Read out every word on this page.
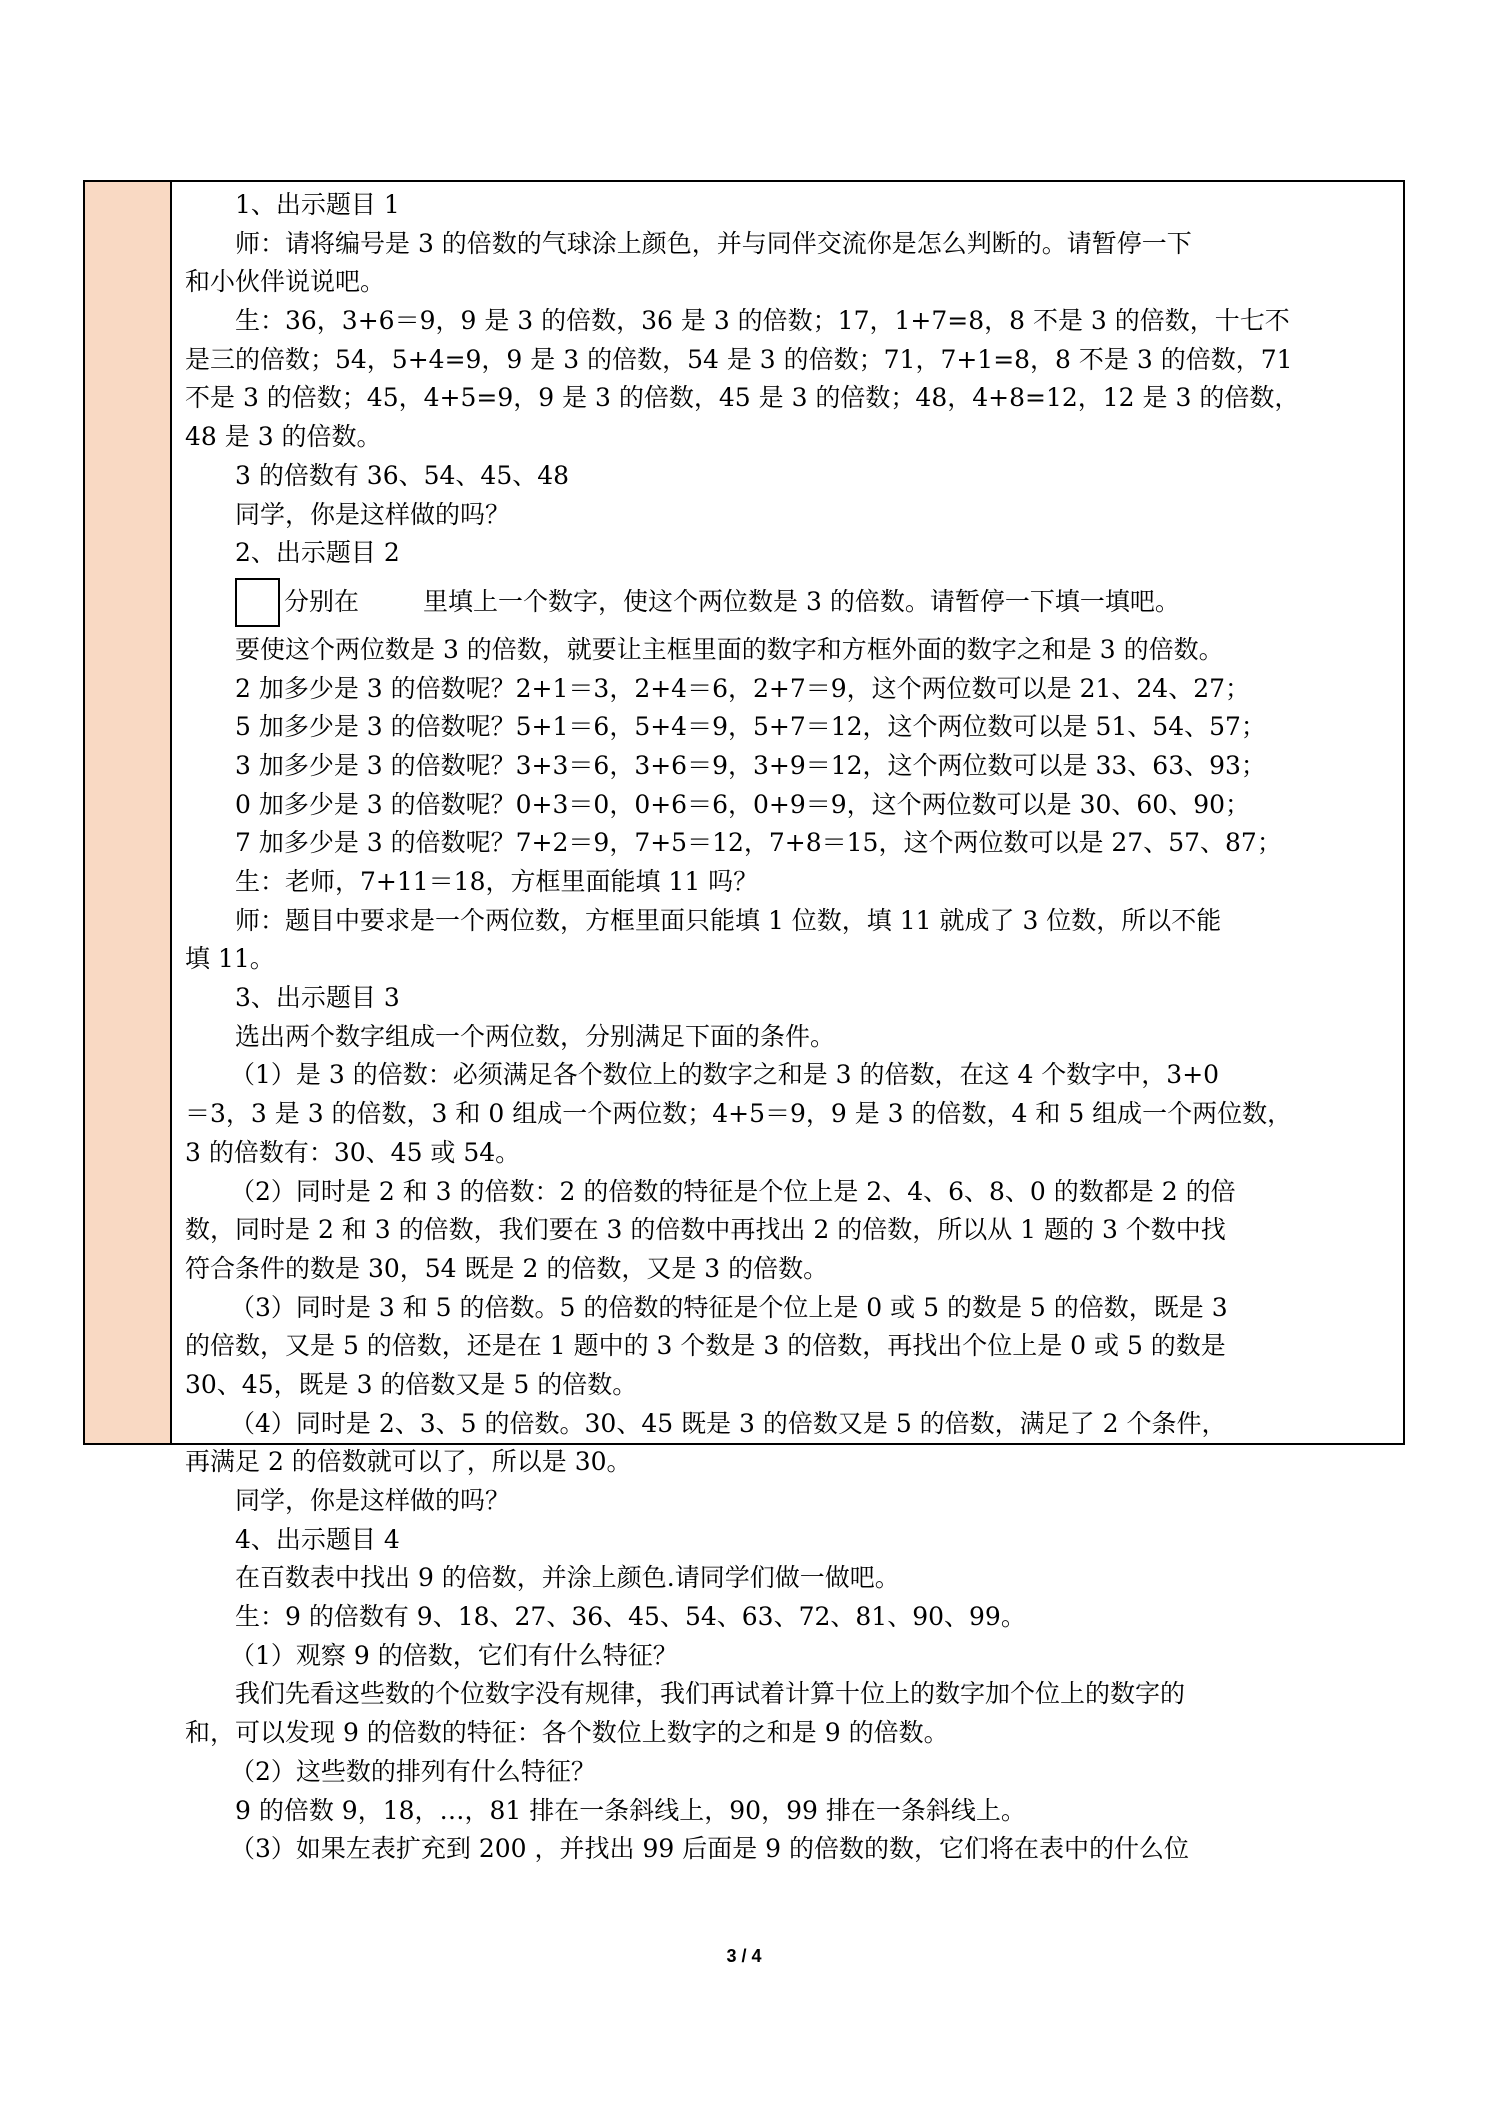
1、出示题目 1
师：请将编号是 3 的倍数的气球涂上颜色，并与同伴交流你是怎么判断的。请暂停一下
和小伙伴说说吧。
生：36，3+6＝9，9 是 3 的倍数，36 是 3 的倍数；17，1+7=8，8 不是 3 的倍数，十七不
是三的倍数；54，5+4=9，9 是 3 的倍数，54 是 3 的倍数；71，7+1=8，8 不是 3 的倍数，71
不是 3 的倍数；45，4+5=9，9 是 3 的倍数，45 是 3 的倍数；48，4+8=12，12 是 3 的倍数，
48 是 3 的倍数。
3 的倍数有 36、54、45、48
同学，你是这样做的吗？
2、出示题目 2
分别在	里填上一个数字，使这个两位数是 3 的倍数。请暂停一下填一填吧。
要使这个两位数是 3 的倍数，就要让主框里面的数字和方框外面的数字之和是 3 的倍数。
2 加多少是 3 的倍数呢？2+1＝3，2+4＝6，2+7＝9，这个两位数可以是 21、24、27；
5 加多少是 3 的倍数呢？5+1＝6，5+4＝9，5+7＝12，这个两位数可以是 51、54、57；
3 加多少是 3 的倍数呢？3+3＝6，3+6＝9，3+9＝12，这个两位数可以是 33、63、93；
0 加多少是 3 的倍数呢？0+3＝0，0+6＝6，0+9＝9，这个两位数可以是 30、60、90；
7 加多少是 3 的倍数呢？7+2＝9，7+5＝12，7+8＝15，这个两位数可以是 27、57、87；
生：老师，7+11＝18，方框里面能填 11 吗？
师：题目中要求是一个两位数，方框里面只能填 1 位数，填 11 就成了 3 位数，所以不能
填 11。
3、出示题目 3
选出两个数字组成一个两位数，分别满足下面的条件。
（1）是 3 的倍数：必须满足各个数位上的数字之和是 3 的倍数，在这 4 个数字中，3+0
＝3，3 是 3 的倍数，3 和 0 组成一个两位数；4+5＝9，9 是 3 的倍数，4 和 5 组成一个两位数，
3 的倍数有：30、45 或 54。
（2）同时是 2 和 3 的倍数：2 的倍数的特征是个位上是 2、4、6、8、0 的数都是 2 的倍
数，同时是 2 和 3 的倍数，我们要在 3 的倍数中再找出 2 的倍数，所以从 1 题的 3 个数中找
符合条件的数是 30，54 既是 2 的倍数，又是 3 的倍数。
（3）同时是 3 和 5 的倍数。5 的倍数的特征是个位上是 0 或 5 的数是 5 的倍数，既是 3
的倍数，又是 5 的倍数，还是在 1 题中的 3 个数是 3 的倍数，再找出个位上是 0 或 5 的数是
30、45，既是 3 的倍数又是 5 的倍数。
（4）同时是 2、3、5 的倍数。30、45 既是 3 的倍数又是 5 的倍数，满足了 2 个条件，
再满足 2 的倍数就可以了，所以是 30。
同学，你是这样做的吗？
4、出示题目 4
在百数表中找出 9 的倍数，并涂上颜色.请同学们做一做吧。
生：9 的倍数有 9、18、27、36、45、54、63、72、81、90、99。
（1）观察 9 的倍数，它们有什么特征？
我们先看这些数的个位数字没有规律，我们再试着计算十位上的数字加个位上的数字的
和，可以发现 9 的倍数的特征：各个数位上数字的之和是 9 的倍数。
（2）这些数的排列有什么特征？
9 的倍数 9，18，…，81 排在一条斜线上，90，99 排在一条斜线上。
（3）如果左表扩充到 200 ，并找出 99 后面是 9 的倍数的数，它们将在表中的什么位
3 / 4
